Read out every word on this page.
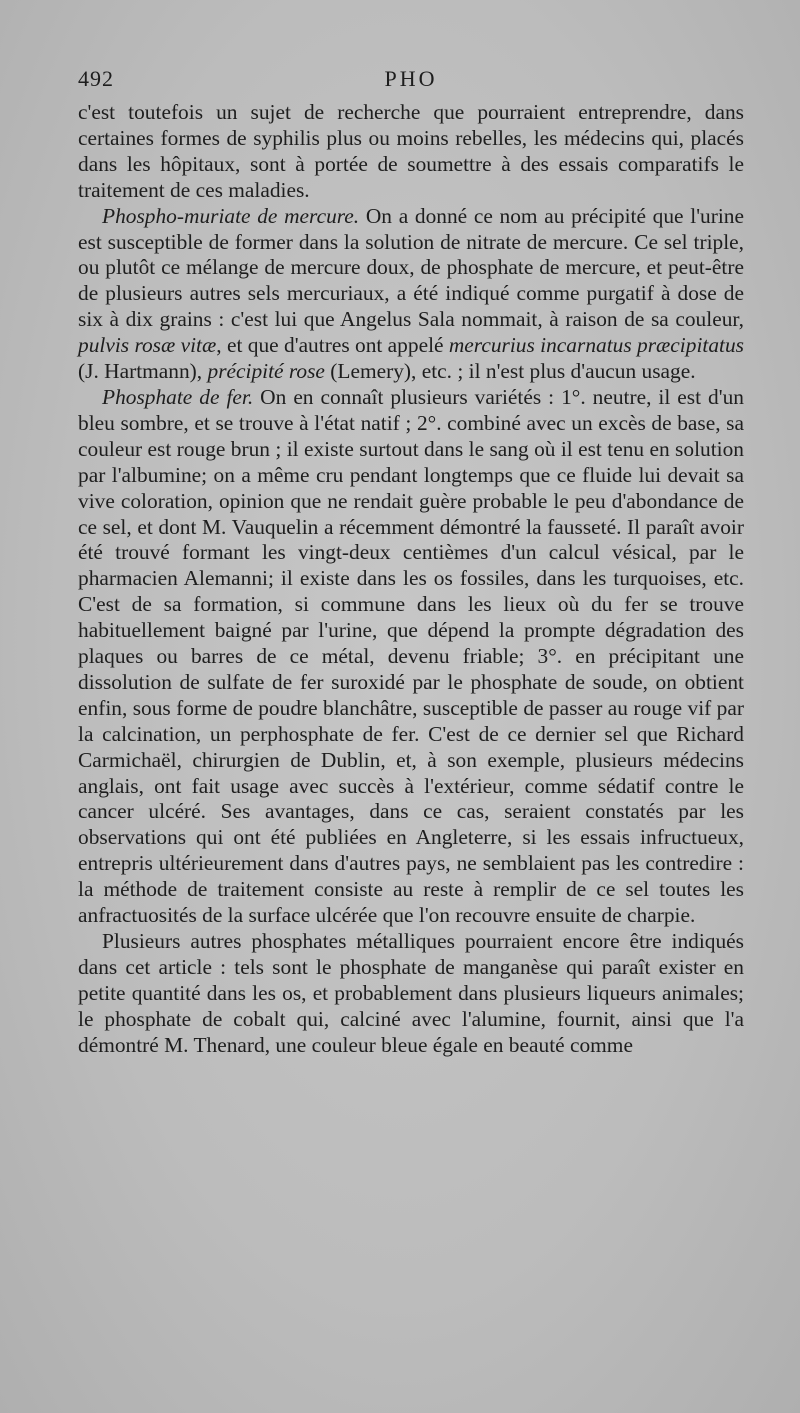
492	PHO

c'est toutefois un sujet de recherche que pourraient entreprendre, dans certaines formes de syphilis plus ou moins rebelles, les médecins qui, placés dans les hôpitaux, sont à portée de soumettre à des essais comparatifs le traitement de ces maladies.

Phospho-muriate de mercure. On a donné ce nom au précipité que l'urine est susceptible de former dans la solution de nitrate de mercure. Ce sel triple, ou plutôt ce mélange de mercure doux, de phosphate de mercure, et peut-être de plusieurs autres sels mercuriaux, a été indiqué comme purgatif à dose de six à dix grains : c'est lui que Angelus Sala nommait, à raison de sa couleur, pulvis rosæ vitæ, et que d'autres ont appelé mercurius incarnatus præcipitatus (J. Hartmann), précipité rose (Lemery), etc. ; il n'est plus d'aucun usage.

Phosphate de fer. On en connaît plusieurs variétés : 1°. neutre, il est d'un bleu sombre, et se trouve à l'état natif ; 2°. combiné avec un excès de base, sa couleur est rouge brun ; il existe surtout dans le sang où il est tenu en solution par l'albumine; on a même cru pendant longtemps que ce fluide lui devait sa vive coloration, opinion que ne rendait guère probable le peu d'abondance de ce sel, et dont M. Vauquelin a récemment démontré la fausseté. Il paraît avoir été trouvé formant les vingt-deux centièmes d'un calcul vésical, par le pharmacien Alemanni; il existe dans les os fossiles, dans les turquoises, etc. C'est de sa formation, si commune dans les lieux où du fer se trouve habituellement baigné par l'urine, que dépend la prompte dégradation des plaques ou barres de ce métal, devenu friable; 3°. en précipitant une dissolution de sulfate de fer suroxidé par le phosphate de soude, on obtient enfin, sous forme de poudre blanchâtre, susceptible de passer au rouge vif par la calcination, un perphosphate de fer. C'est de ce dernier sel que Richard Carmichaël, chirurgien de Dublin, et, à son exemple, plusieurs médecins anglais, ont fait usage avec succès à l'extérieur, comme sédatif contre le cancer ulcéré. Ses avantages, dans ce cas, seraient constatés par les observations qui ont été publiées en Angleterre, si les essais infructueux, entrepris ultérieurement dans d'autres pays, ne semblaient pas les contredire : la méthode de traitement consiste au reste à remplir de ce sel toutes les anfractuosités de la surface ulcérée que l'on recouvre ensuite de charpie.

Plusieurs autres phosphates métalliques pourraient encore être indiqués dans cet article : tels sont le phosphate de manganèse qui paraît exister en petite quantité dans les os, et probablement dans plusieurs liqueurs animales; le phosphate de cobalt qui, calciné avec l'alumine, fournit, ainsi que l'a démontré M. Thenard, une couleur bleue égale en beauté comme
